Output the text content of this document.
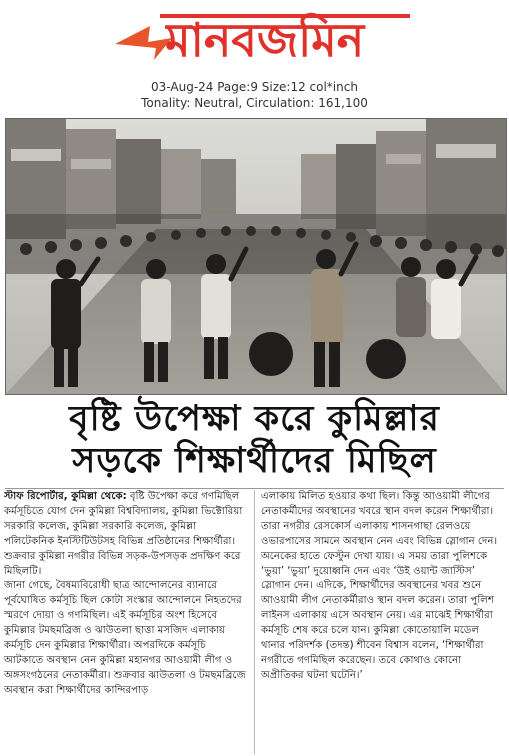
মানবজমিন
03-Aug-24 Page:9 Size:12 col*inch
Tonality: Neutral, Circulation: 161,100
বৃষ্টি উপেক্ষা করে কুমিল্লার
সড়কে শিক্ষার্থীদের মিছিল

স্টাফ রিপোর্টার, কুমিল্লা থেকে: বৃষ্টি উপেক্ষা করে গণমিছিল কর্মসূচিতে যোগ দেন কুমিল্লা বিশ্ববিদ্যালয়, কুমিল্লা ভিক্টোরিয়া সরকারি কলেজ, কুমিল্লা সরকারি কলেজ, কুমিল্লা পলিটেকনিক ইনস্টিটিউটসহ বিভিন্ন প্রতিষ্ঠানের শিক্ষার্থীরা। শুক্রবার কুমিল্লা নগরীর বিভিন্ন সড়ক-উপসড়ক প্রদক্ষিণ করে মিছিলটি।

জানা গেছে, বৈষম্যবিরোধী ছাত্র আন্দোলনের ব্যানারে পূর্বঘোষিত কর্মসূচি ছিল কোটা সংস্কার আন্দোলনে নিহতদের স্মরণে দোয়া ও গণমিছিল। এই কর্মসূচির অংশ হিসেবে কুমিল্লার টমছমব্রিজ ও ঝাউতলা ছাত্তা মসজিদ এলাকায় কর্মসূচি দেন কুমিল্লার শিক্ষার্থীরা। অপরদিকে কর্মসূচি আটকাতে অবস্থান নেন কুমিল্লা মহানগর আওয়ামী লীগ ও অঙ্গসংগঠনের নেতাকর্মীরা। শুক্রবার ঝাউতলা ও টমছমব্রিজে অবস্থান করা শিক্ষার্থীদের কান্দিরপাড়

এলাকায় মিলিত হওয়ার কথা ছিল। কিন্তু আওয়ামী লীগের নেতাকর্মীদের অবস্থানের খবরে স্থান বদল করেন শিক্ষার্থীরা। তারা নগরীর রেসকোর্স এলাকায় শাসনগাছা রেলওয়ে ওভারপাসের সামনে অবস্থান নেন এবং বিভিন্ন স্লোগান দেন। অনেকের হাতে ফেস্টুন দেখা যায়। এ সময় তারা পুলিশকে ‘ভুয়া’ ‘ভুয়া’ দুয়োধ্বনি দেন এবং ‘উই ওয়ান্ট জাস্টিস’ স্লোগান দেন। এদিকে, শিক্ষার্থীদের অবস্থানের খবর শুনে আওয়ামী লীগ নেতাকর্মীরাও স্থান বদল করেন। তারা পুলিশ লাইনস এলাকায় এসে অবস্থান নেয়। এর মাঝেই শিক্ষার্থীরা কর্মসূচি শেষ করে চলে যান। কুমিল্লা কোতোয়ালি মডেল থানার পরিদর্শক (তদন্ত) শীবেন বিশ্বাস বলেন, ‘শিক্ষার্থীরা নগরীতে গণমিছিল করেছেন। তবে কোথাও কোনো অপ্রীতিকর ঘটনা ঘটেনি।’
